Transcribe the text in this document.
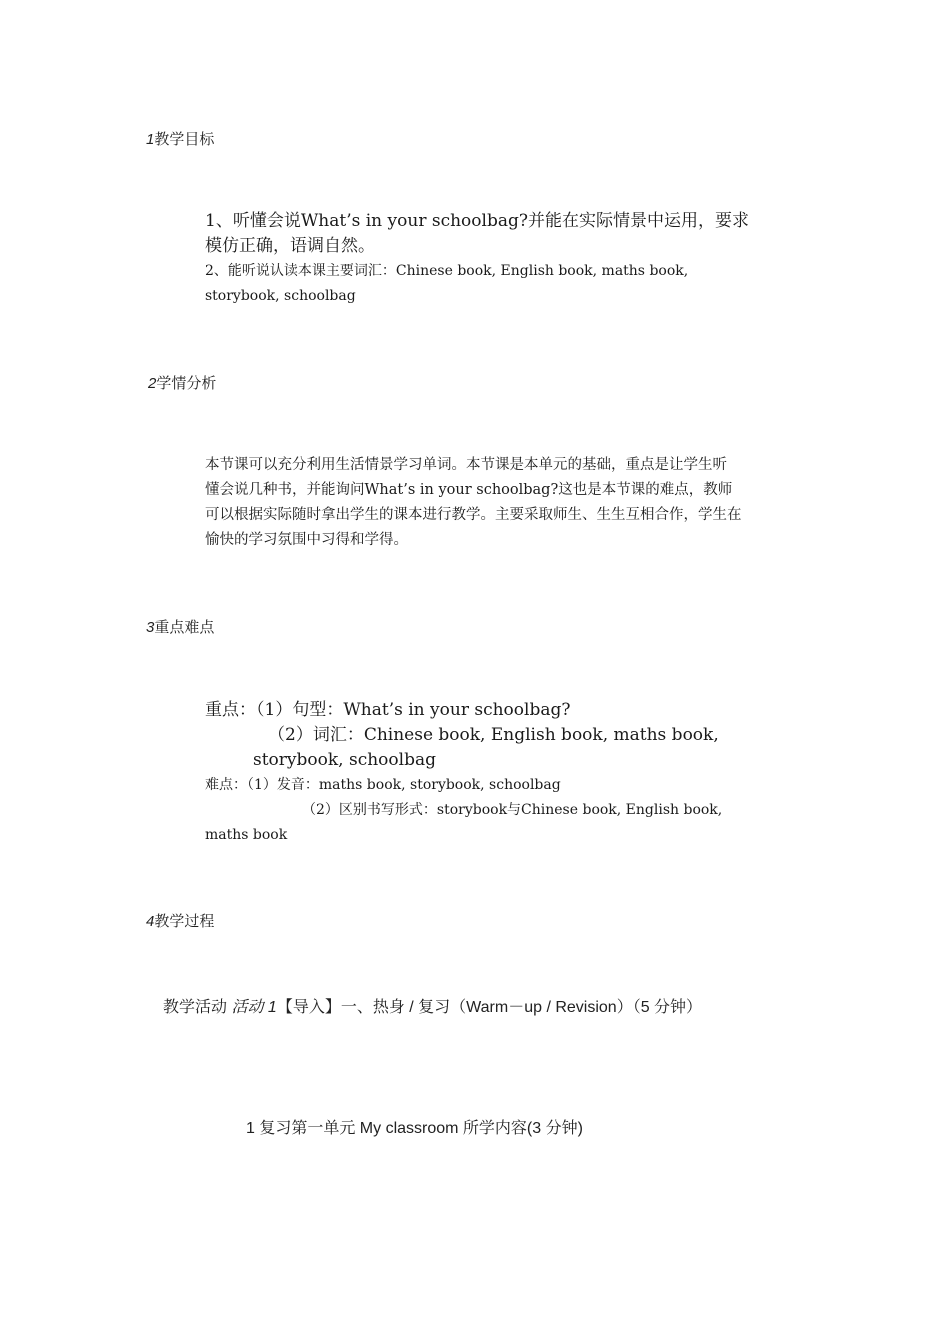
1教学目标
1、听懂会说What’s in your schoolbag?并能在实际情景中运用，要求
模仿正确，语调自然。
2、能听说认读本课主要词汇：Chinese book, English book, maths book,
storybook, schoolbag
2学情分析
本节课可以充分利用生活情景学习单词。本节课是本单元的基础，重点是让学生听
懂会说几种书，并能询问What’s in your schoolbag?这也是本节课的难点，教师
可以根据实际随时拿出学生的课本进行教学。主要采取师生、生生互相合作，学生在
愉快的学习氛围中习得和学得。
3重点难点
重点：（1）句型：What’s in your schoolbag?
（2）词汇：Chinese book, English book, maths book,
storybook, schoolbag
难点：（1）发音：maths book, storybook, schoolbag
（2）区别书写形式：storybook与Chinese book, English book,
maths book
4教学过程
教学活动 活动 1【导入】一、热身 / 复习（Warm－up / Revision）（5 分钟）
1 复习第一单元 My classroom 所学内容(3 分钟)
